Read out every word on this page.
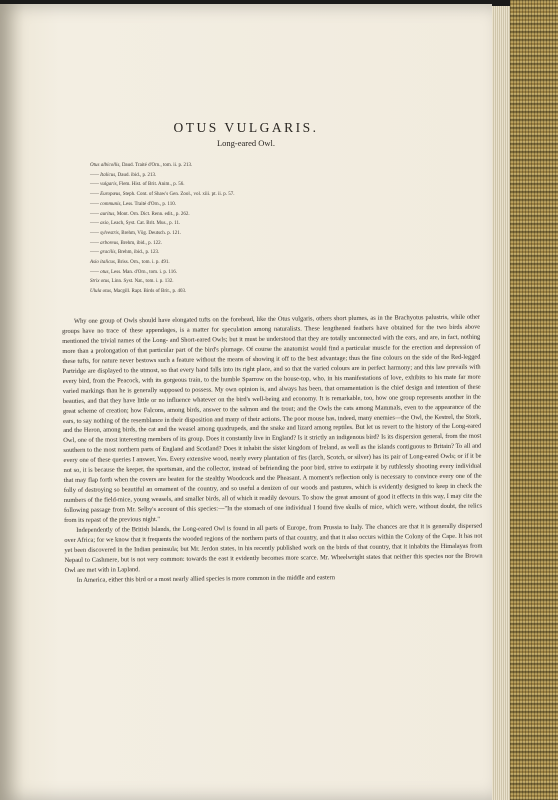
OTUS VULGARIS.
Long-eared Owl.
Otus albicollis, Daud. Traité d'Orn., tom. ii. p. 213.
—— Italicus, Daud. ibid., p. 213.
—— vulgaris, Flem. Hist. of Brit. Anim., p. 56.
—— Europæus, Steph. Cont. of Shaw's Gen. Zool., vol. xiii. pt. ii. p. 57.
—— communis, Less. Traité d'Orn., p. 110.
—— auritus, Mont. Orn. Dict. Renn. edit., p. 262.
—— asio, Leach, Syst. Cat. Brit. Mus., p. 11.
—— sylvestris, Brehm, Vög. Deutsch. p. 121.
—— arboreus, Brehm, ibid., p. 122.
—— gracilis, Brehm, ibid., p. 123.
Asio italicus, Briss. Orn., tom. i. p. 491.
—— otus, Less. Man. d'Orn., tom. i. p. 116.
Strix otus, Linn. Syst. Nat., tom. i. p. 132.
Ulula otus, Macgill. Rapt. Birds of Brit., p. 403.

Why one group of Owls should have elongated tufts on the forehead, like the Otus vulgaris, others short plumes, as in the Brachyotus palustris, while other groups have no trace of these appendages, is a matter for speculation among naturalists. These lengthened feathers have obtained for the two birds above mentioned the trivial names of the Long- and Short-eared Owls; but it must be understood that they are totally unconnected with the ears, and are, in fact, nothing more than a prolongation of that particular part of the bird's plumage. Of course the anatomist would find a particular muscle for the erection and depression of these tufts, for nature never bestows such a feature without the means of showing it off to the best advantage; thus the fine colours on the side of the Red-legged Partridge are displayed to the utmost, so that every hand falls into its right place, and so that the varied colours are in perfect harmony; and this law prevails with every bird, from the Peacock, with its gorgeous train, to the humble Sparrow on the house-top, who, in his manifestations of love, exhibits to his mate far more varied markings than he is generally supposed to possess. My own opinion is, and always has been, that ornamentation is the chief design and intention of these beauties, and that they have little or no influence whatever on the bird's well-being and economy. It is remarkable, too, how one group represents another in the great scheme of creation; how Falcons, among birds, answer to the salmon and the trout; and the Owls the cats among Mammals, even to the appearance of the ears, to say nothing of the resemblance in their disposition and many of their actions. The poor mouse has, indeed, many enemies—the Owl, the Kestrel, the Stork, and the Heron, among birds, the cat and the weasel among quadrupeds, and the snake and lizard among reptiles. But let us revert to the history of the Long-eared Owl, one of the most interesting members of its group. Does it constantly live in England? Is it strictly an indigenous bird? Is its dispersion general, from the most southern to the most northern parts of England and Scotland? Does it inhabit the sister kingdom of Ireland, as well as the islands contiguous to Britain? To all and every one of these queries I answer, Yes. Every extensive wood, nearly every plantation of firs (larch, Scotch, or silver) has its pair of Long-eared Owls; or if it be not so, it is because the keeper, the sportsman, and the collector, instead of befriending the poor bird, strive to extirpate it by ruthlessly shooting every individual that may flap forth when the covers are beaten for the stealthy Woodcock and the Pheasant. A moment's reflection only is necessary to convince every one of the folly of destroying so beautiful an ornament of the country, and so useful a denizen of our woods and pastures, which is evidently designed to keep in check the numbers of the field-mice, young weasels, and smaller birds, all of which it readily devours. To show the great amount of good it effects in this way, I may cite the following passage from Mr. Selby's account of this species:—"In the stomach of one individual I found five skulls of mice, which were, without doubt, the relics from its repast of the previous night."

Independently of the British Islands, the Long-eared Owl is found in all parts of Europe, from Prussia to Italy. The chances are that it is generally dispersed over Africa; for we know that it frequents the wooded regions of the northern parts of that country, and that it also occurs within the Colony of the Cape. It has not yet been discovered in the Indian peninsula; but Mr. Jerdon states, in his recently published work on the birds of that country, that it inhabits the Himalayas from Nepaul to Cashmere, but is not very common: towards the east it evidently becomes more scarce. Mr. Wheelwright states that neither this species nor the Brown Owl are met with in Lapland.

In America, either this bird or a most nearly allied species is more common in the middle and eastern
